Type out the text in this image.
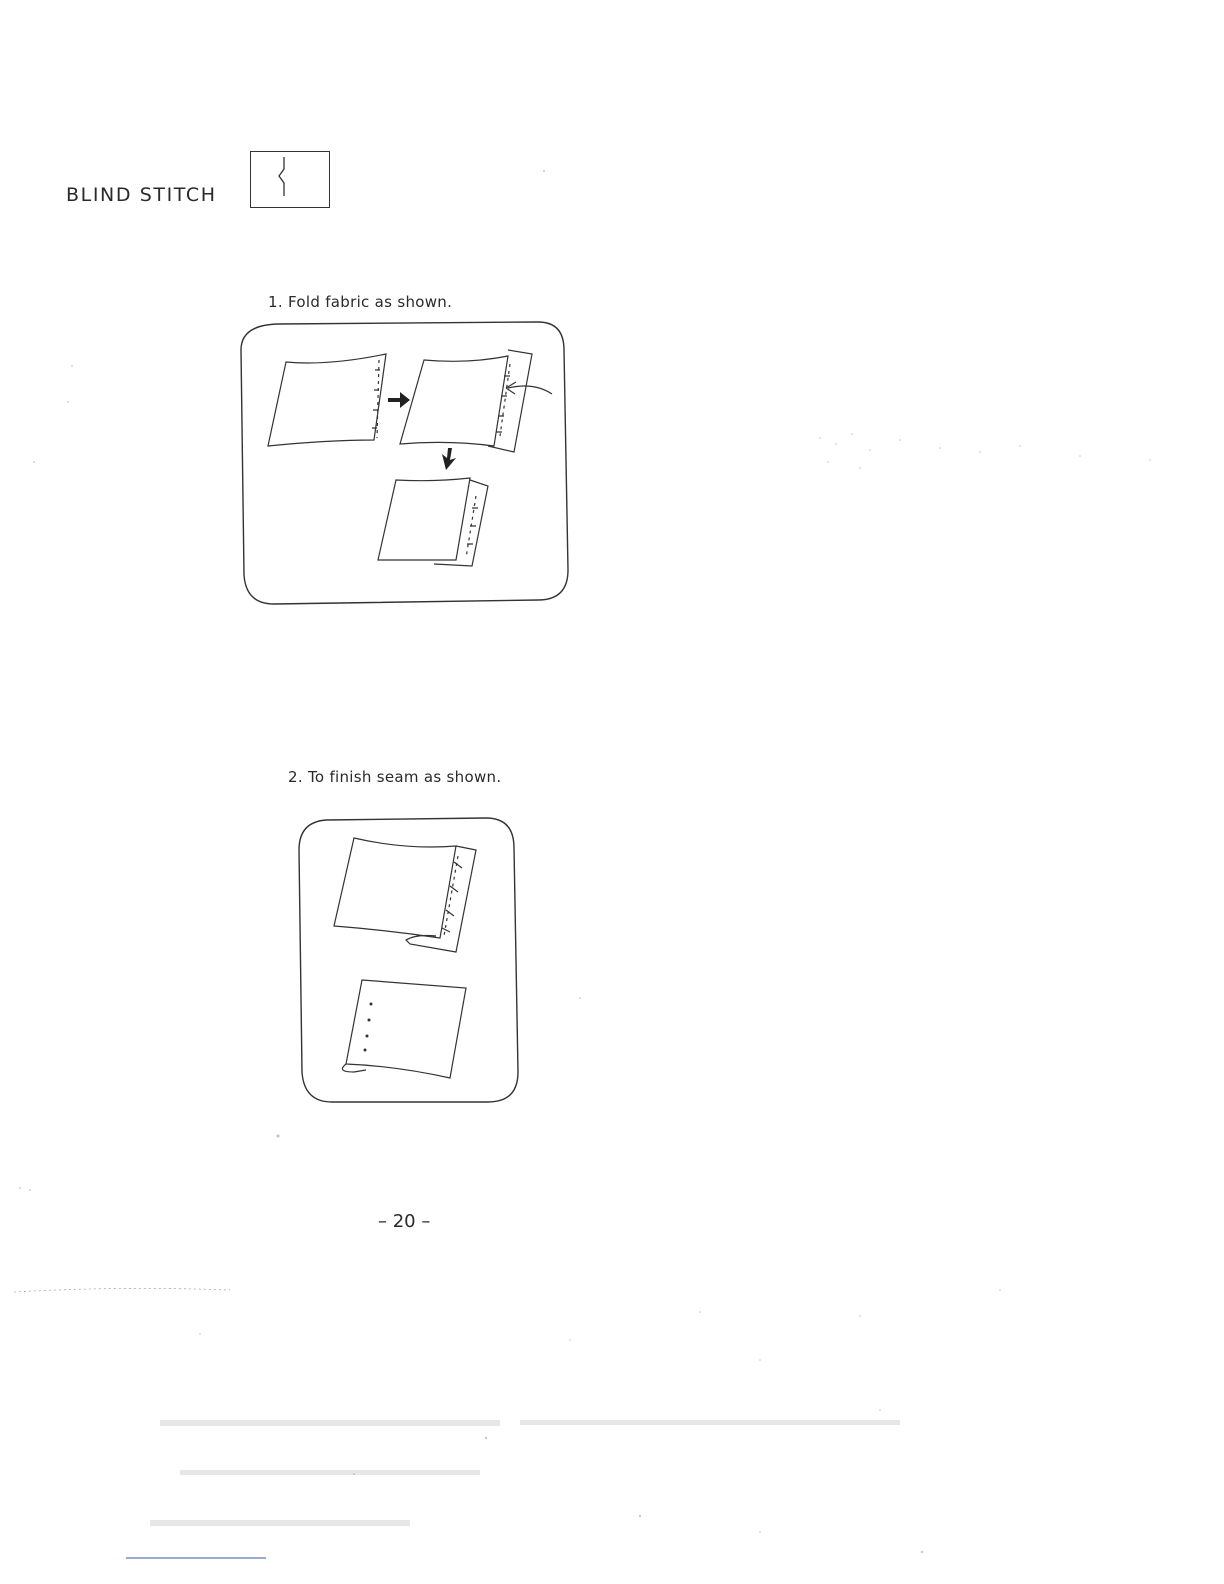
BLIND STITCH
1. Fold fabric as shown.
2. To finish seam as shown.
– 20 –
